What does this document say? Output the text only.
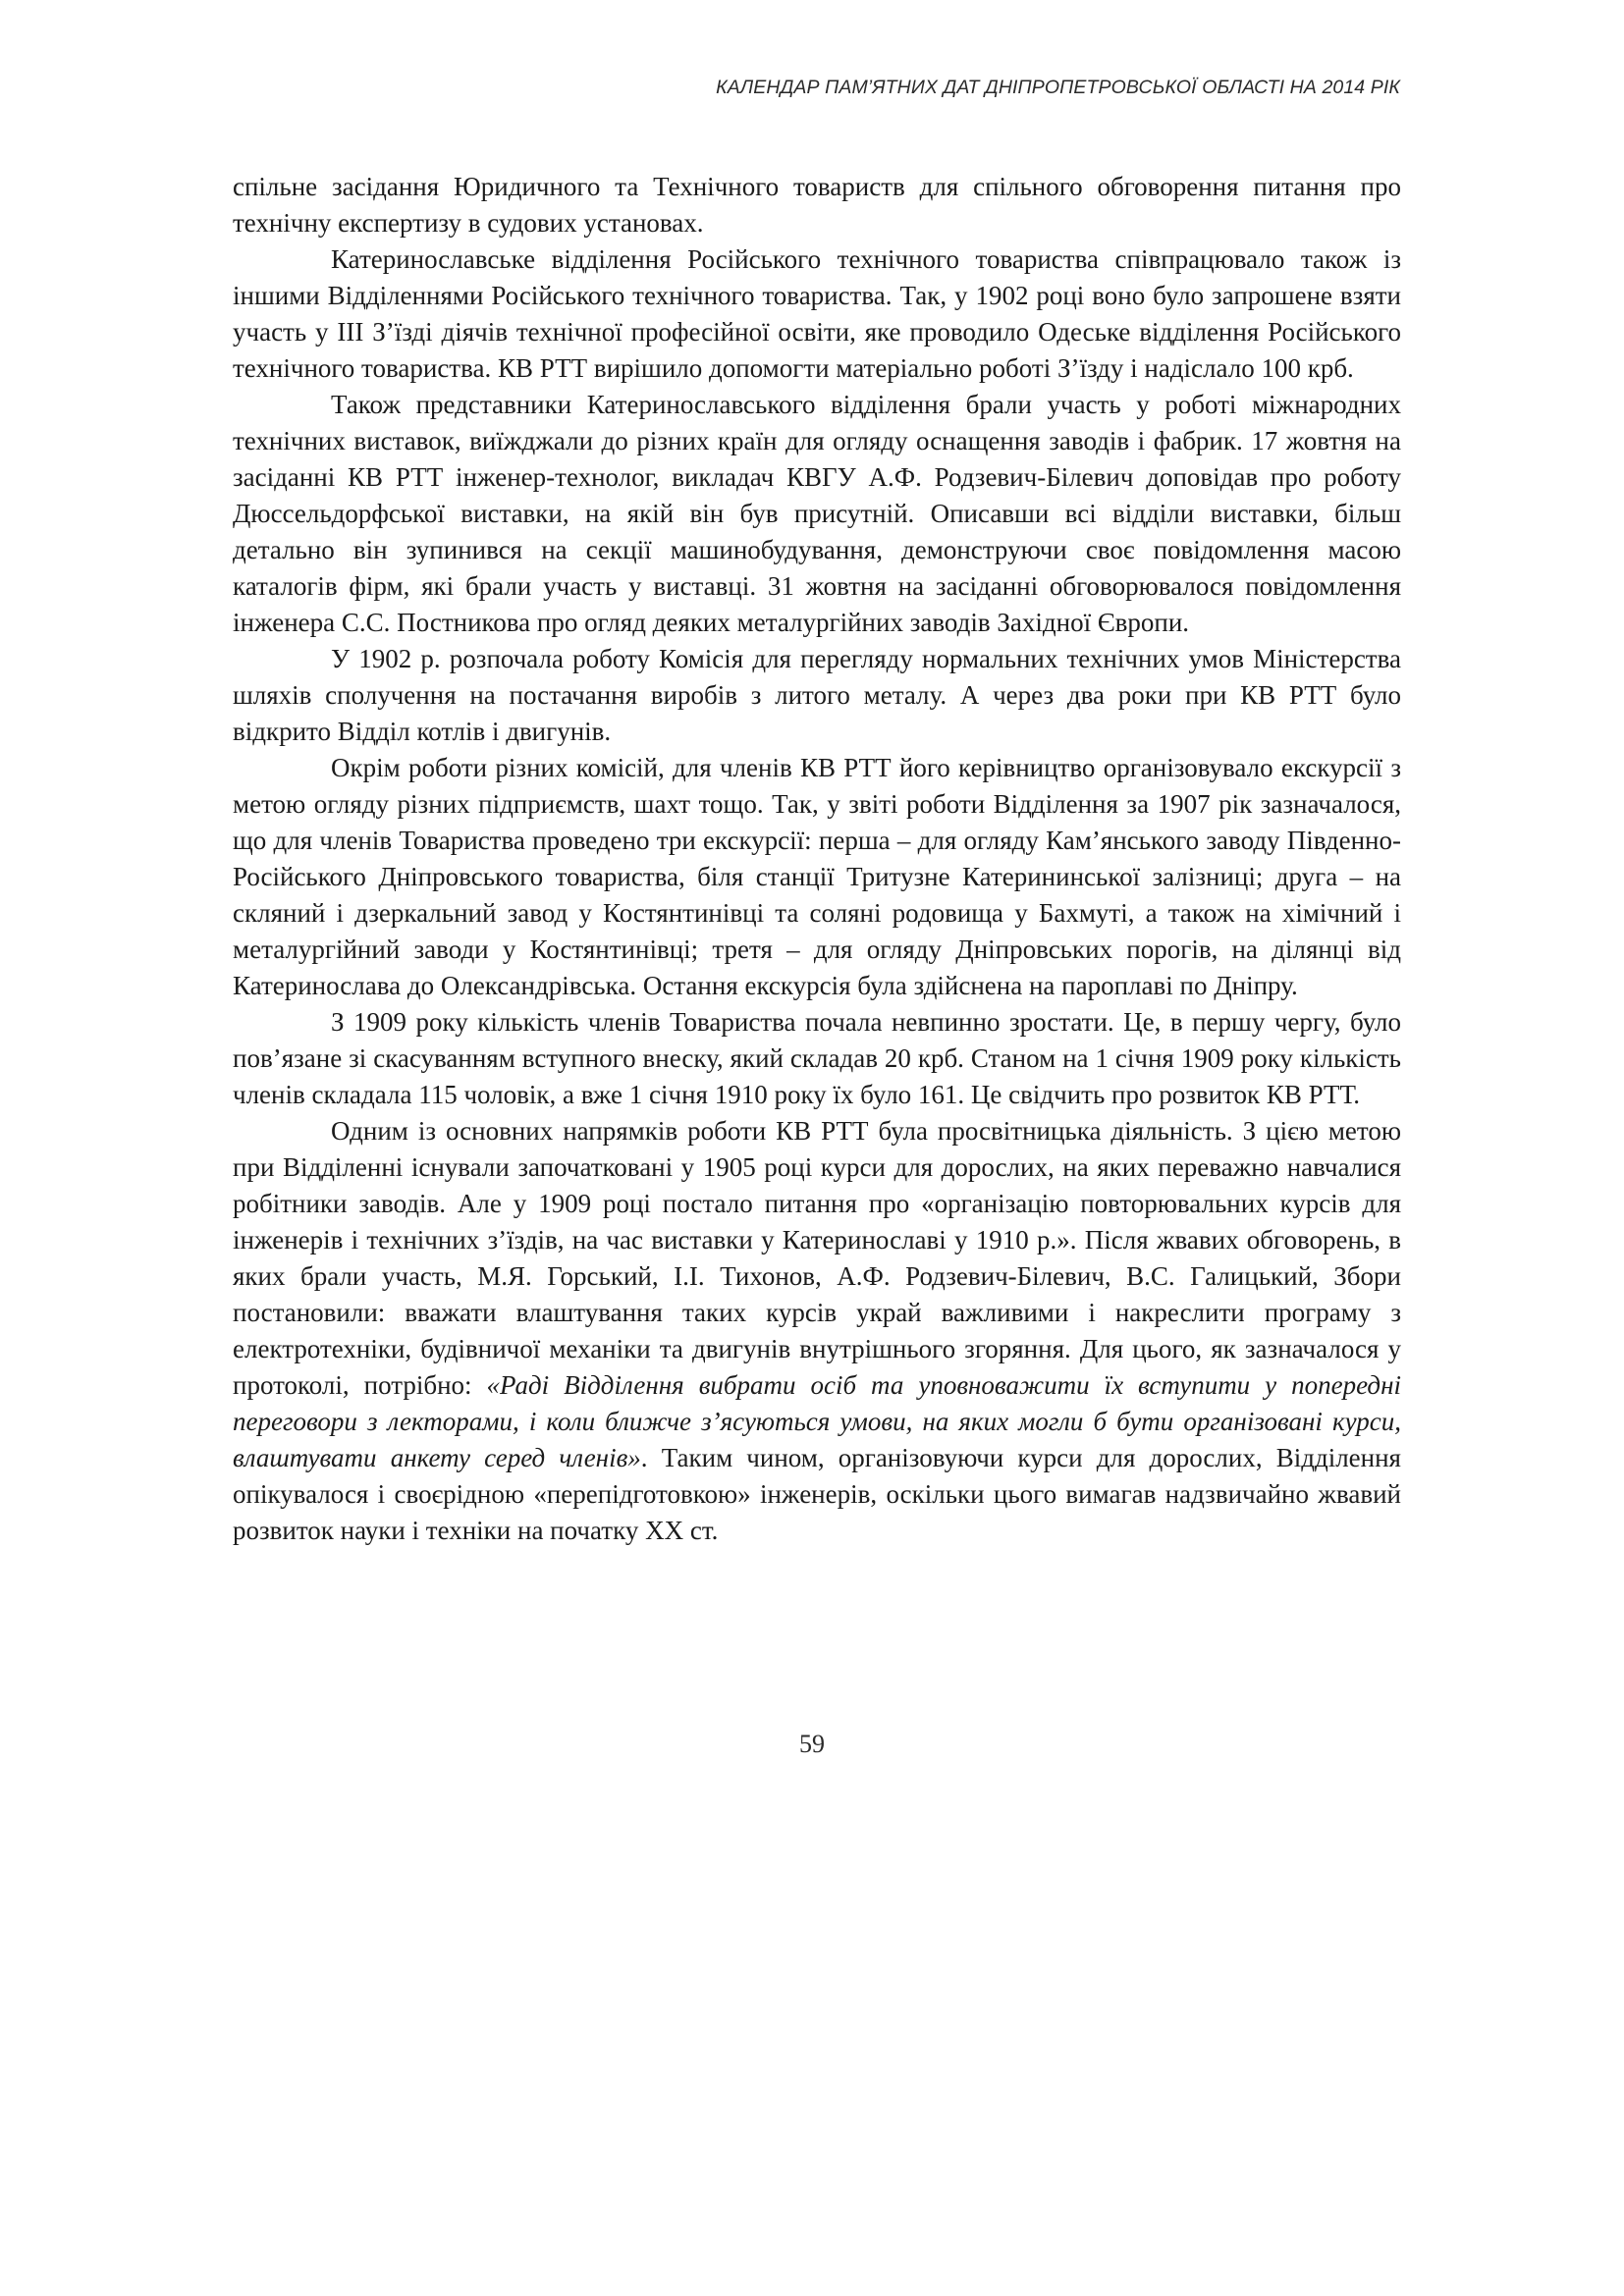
КАЛЕНДАР ПАМ’ЯТНИХ ДАТ ДНІПРОПЕТРОВСЬКОЇ ОБЛАСТІ НА 2014 РІК

спільне засідання Юридичного та Технічного товариств для спільного обговорення питання про технічну експертизу в судових установах.

Катеринославське відділення Російського технічного товариства співпрацювало також із іншими Відділеннями Російського технічного товариства. Так, у 1902 році воно було запрошене взяти участь у ІІІ З’їзді діячів технічної професійної освіти, яке проводило Одеське відділення Російського технічного товариства. КВ РТТ вирішило допомогти матеріально роботі З’їзду і надіслало 100 крб.

Також представники Катеринославського відділення брали участь у роботі міжнародних технічних виставок, виїжджали до різних країн для огляду оснащення заводів і фабрик. 17 жовтня на засіданні КВ РТТ інженер-технолог, викладач КВГУ А.Ф. Родзевич-Білевич доповідав про роботу Дюссельдорфської виставки, на якій він був присутній. Описавши всі відділи виставки, більш детально він зупинився на секції машинобудування, демонструючи своє повідомлення масою каталогів фірм, які брали участь у виставці. 31 жовтня на засіданні обговорювалося повідомлення інженера С.С. Постникова про огляд деяких металургійних заводів Західної Європи.

У 1902 р. розпочала роботу Комісія для перегляду нормальних технічних умов Міністерства шляхів сполучення на постачання виробів з литого металу. А через два роки при КВ РТТ було відкрито Відділ котлів і двигунів.

Окрім роботи різних комісій, для членів КВ РТТ його керівництво організовувало екскурсії з метою огляду різних підприємств, шахт тощо. Так, у звіті роботи Відділення за 1907 рік зазначалося, що для членів Товариства проведено три екскурсії: перша – для огляду Кам’янського заводу Південно-Російського Дніпровського товариства, біля станції Тритузне Катерининської залізниці; друга – на скляний і дзеркальний завод у Костянтинівці та соляні родовища у Бахмуті, а також на хімічний і металургійний заводи у Костянтинівці; третя – для огляду Дніпровських порогів, на ділянці від Катеринослава до Олександрівська. Остання екскурсія була здійснена на пароплаві по Дніпру.

З 1909 року кількість членів Товариства почала невпинно зростати. Це, в першу чергу, було пов’язане зі скасуванням вступного внеску, який складав 20 крб. Станом на 1 січня 1909 року кількість членів складала 115 чоловік, а вже 1 січня 1910 року їх було 161. Це свідчить про розвиток КВ РТТ.

Одним із основних напрямків роботи КВ РТТ була просвітницька діяльність. З цією метою при Відділенні існували започатковані у 1905 році курси для дорослих, на яких переважно навчалися робітники заводів. Але у 1909 році постало питання про «організацію повторювальних курсів для інженерів і технічних з’їздів, на час виставки у Катеринославі у 1910 р.». Після жвавих обговорень, в яких брали участь, М.Я. Горський, І.І. Тихонов, А.Ф. Родзевич-Білевич, В.С. Галицький, Збори постановили: вважати влаштування таких курсів украй важливими і накреслити програму з електротехніки, будівничої механіки та двигунів внутрішнього згоряння. Для цього, як зазначалося у протоколі, потрібно: «Раді Відділення вибрати осіб та уповноважити їх вступити у попередні переговори з лекторами, і коли ближче з’ясуються умови, на яких могли б бути організовані курси, влаштувати анкету серед членів». Таким чином, організовуючи курси для дорослих, Відділення опікувалося і своєрідною «перепідготовкою» інженерів, оскільки цього вимагав надзвичайно жвавий розвиток науки і техніки на початку ХХ ст.

59
